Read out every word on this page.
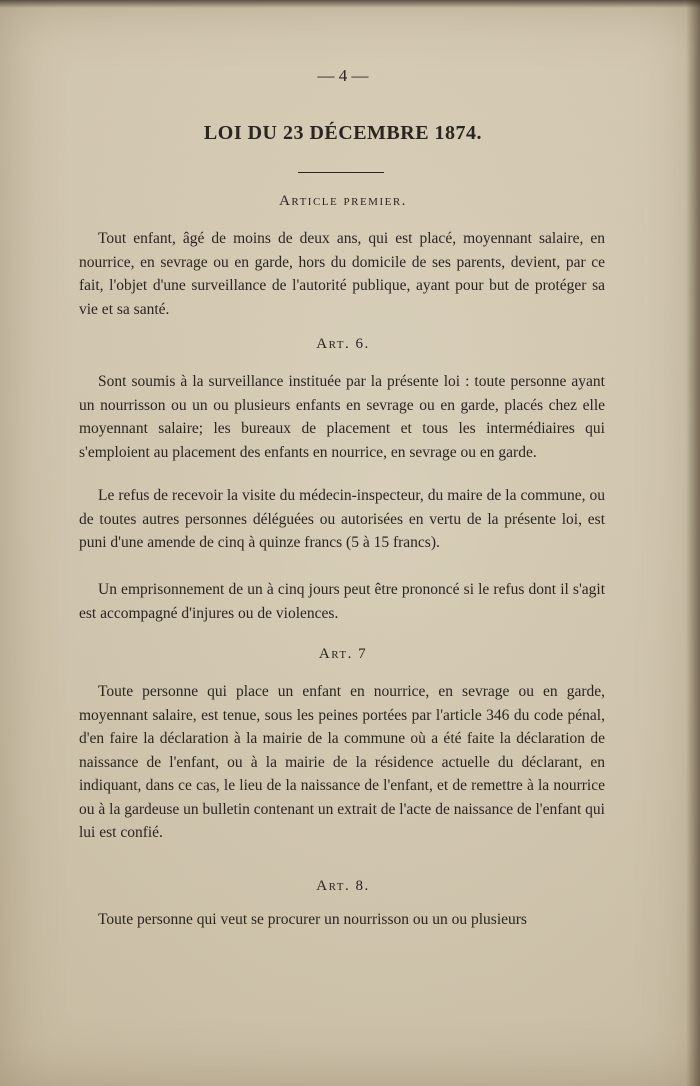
— 4 —
LOI DU 23 DÉCEMBRE 1874.
Article premier.

Tout enfant, âgé de moins de deux ans, qui est placé, moyennant salaire, en nourrice, en sevrage ou en garde, hors du domicile de ses parents, devient, par ce fait, l'objet d'une surveillance de l'autorité publique, ayant pour but de protéger sa vie et sa santé.

Art. 6.

Sont soumis à la surveillance instituée par la présente loi : toute personne ayant un nourrisson ou un ou plusieurs enfants en sevrage ou en garde, placés chez elle moyennant salaire; les bureaux de placement et tous les intermédiaires qui s'emploient au placement des enfants en nourrice, en sevrage ou en garde.

Le refus de recevoir la visite du médecin-inspecteur, du maire de la commune, ou de toutes autres personnes déléguées ou autorisées en vertu de la présente loi, est puni d'une amende de cinq à quinze francs (5 à 15 francs).

Un emprisonnement de un à cinq jours peut être prononcé si le refus dont il s'agit est accompagné d'injures ou de violences.

Art. 7

Toute personne qui place un enfant en nourrice, en sevrage ou en garde, moyennant salaire, est tenue, sous les peines portées par l'article 346 du code pénal, d'en faire la déclaration à la mairie de la commune où a été faite la déclaration de naissance de l'enfant, ou à la mairie de la résidence actuelle du déclarant, en indiquant, dans ce cas, le lieu de la naissance de l'enfant, et de remettre à la nourrice ou à la gardeuse un bulletin contenant un extrait de l'acte de naissance de l'enfant qui lui est confié.

Art. 8.

Toute personne qui veut se procurer un nourrisson ou un ou plusieurs
